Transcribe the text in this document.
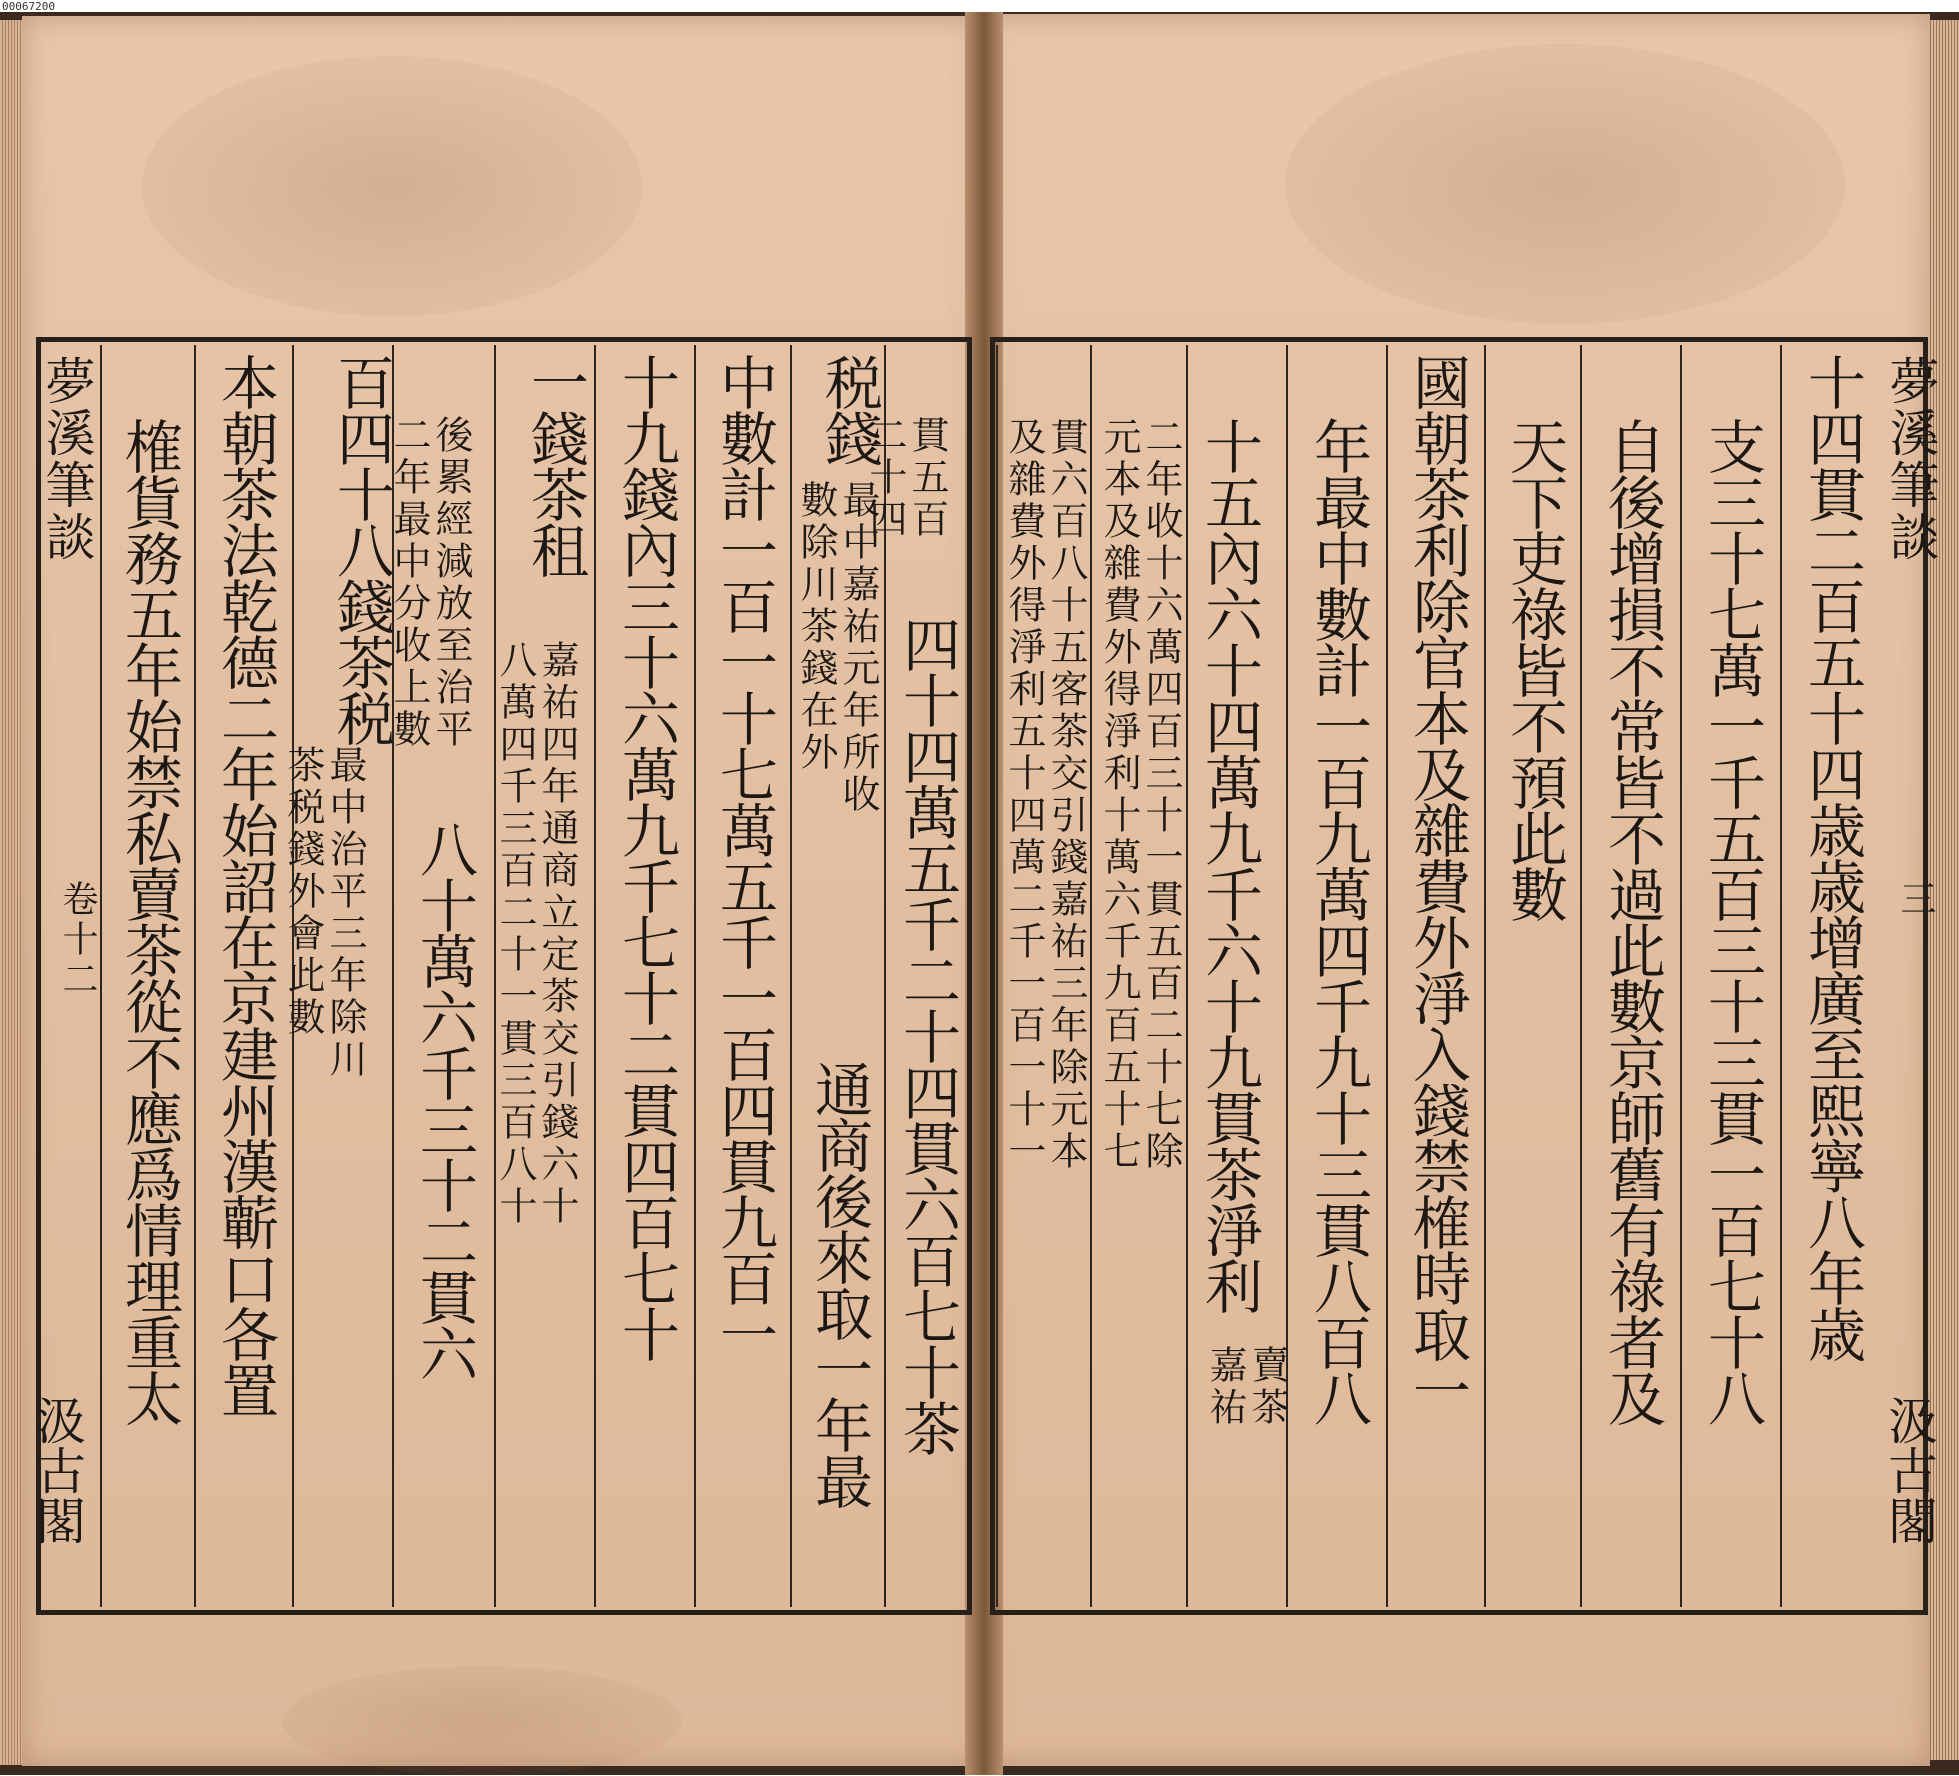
00067200
夢溪筆談
卷十二
汲古閣
四十四萬五千二十四貫六百七十茶
貫五百
二十四
税錢
最中嘉祐元年所收
數除川茶錢在外
通商後來取一年最
中數計一百一十七萬五千一百四貫九百一
十九錢內三十六萬九千七十二貫四百七十
一錢茶租
嘉祐四年通商立定茶交引錢六十
八萬四千三百二十一貫三百八十
後累經減放至治平
二年最中分收上數
八十萬六千三十二貫六
百四十八錢茶税
最中治平三年除川
茶税錢外會此數
本朝茶法乾德二年始詔在京建州漢蘄口各置
榷貨務五年始禁私賣茶從不應爲情理重太	十四貫二百五十四歳歳增廣至熙寧八年歳
支三十七萬一千五百三十三貫一百七十八
自後增損不常皆不過此數京師舊有祿者及
天下吏祿皆不預此數
國朝茶利除官本及雜費外淨入錢禁榷時取一
年最中數計一百九萬四千九十三貫八百八
十五內六十四萬九千六十九貫茶淨利
賣茶
嘉祐
二年收十六萬四百三十一貫五百二十七除
元本及雜費外得淨利十萬六千九百五十七
貫六百八十五客茶交引錢嘉祐三年除元本
及雜費外得淨利五十四萬二千一百一十一	夢溪筆談
三
汲古閣
